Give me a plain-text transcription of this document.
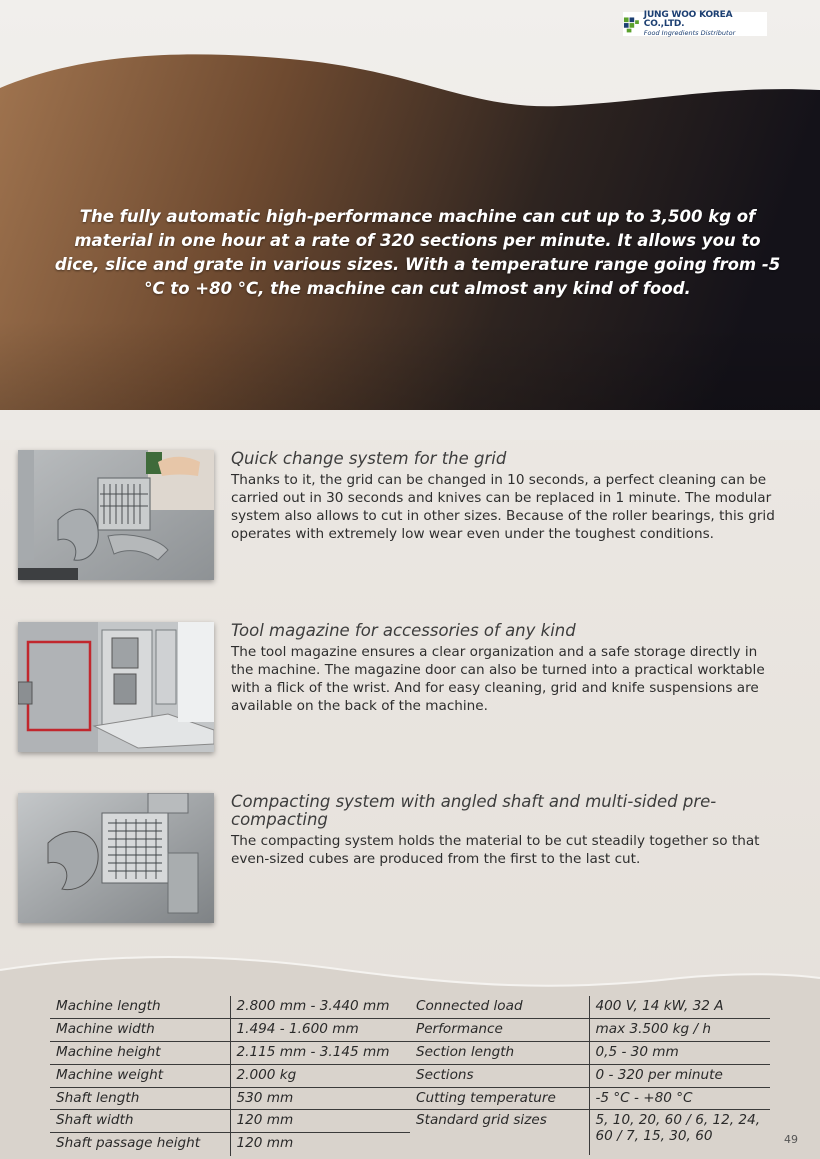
The fully automatic high-performance machine can cut up to 3,500 kg of material in one hour at a rate of 320 sections per minute. It allows you to dice, slice and grate in various sizes. With a temperature range going from -5 °C to +80 °C, the machine can cut almost any kind of food.
JUNG WOO KOREA CO.,LTD.
Food Ingredients Distributor
Quick change system for the grid

Thanks to it, the grid can be changed in 10 seconds, a perfect cleaning can be carried out in 30 seconds and knives can be replaced in 1 minute. The modular system also allows to cut in other sizes. Because of the roller bearings, this grid operates with extremely low wear even under the toughest conditions.

Tool magazine for accessories of any kind

The tool magazine ensures a clear organization and a safe storage directly in the machine. The magazine door can also be turned into a practical worktable with a flick of the wrist. And for easy cleaning, grid and knife suspensions are available on the back of the machine.

Compacting system with angled shaft and multi-sided pre-compacting

The compacting system holds the material to be cut steadily together so that even-sized cubes are produced from the first to the last cut.

Machine length	2.800 mm - 3.440 mm
Machine width	1.494 - 1.600 mm
Machine height	2.115 mm - 3.145 mm
Machine weight	2.000 kg
Shaft length	530 mm
Shaft width	120 mm
Shaft passage height	120 mm
Connected load	400 V, 14 kW, 32 A
Performance	max 3.500 kg / h
Section length	0,5 - 30 mm
Sections	0 - 320 per minute
Cutting temperature	-5 °C - +80 °C
Standard grid sizes	5, 10, 20, 60 / 6, 12, 24, 60 / 7, 15, 30, 60	49
